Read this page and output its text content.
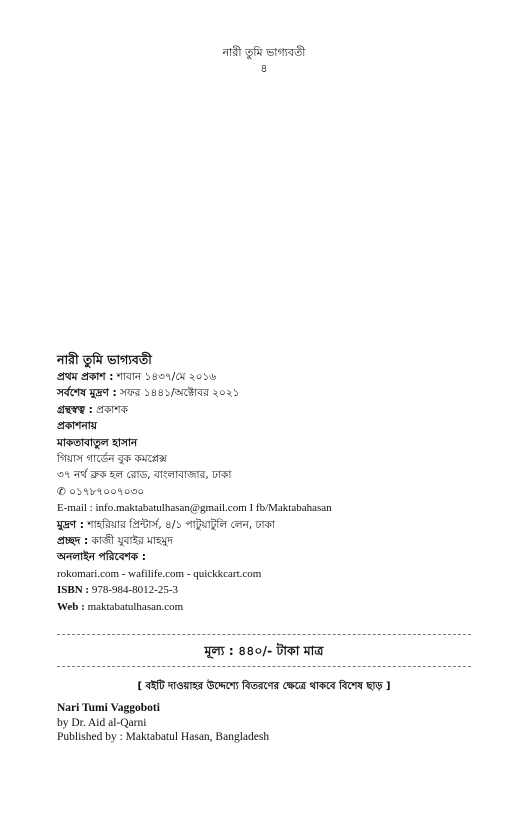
নারী তুমি ভাগ্যবতী
৪
নারী তুমি ভাগ্যবতী
প্রথম প্রকাশ : শাবান ১৪৩৭/মে ২০১৬
সর্বশেষ মুদ্রণ : সফর ১৪৪১/অক্টোবর ২০২১
গ্রন্থস্বত্ব : প্রকাশক
প্রকাশনায়
মাকতাবাতুল হাসান
গিয়াস গার্ডেন বুক কমপ্লেক্স
৩৭ নর্থ ব্রুক হল রোড, বাংলাবাজার, ঢাকা
✆ ০১৭৮৭০০৭০৩০
E-mail : info.maktabatulhasan@gmail.com I fb/Maktabahasan
মুদ্রণ : শাহরিয়ার প্রিন্টার্স, ৪/১ পাটুয়াটুলি লেন, ঢাকা
প্রচ্ছদ : কাজী যুবাইর মাহমুদ
অনলাইন পরিবেশক :
rokomari.com - wafilife.com - quickkcart.com
ISBN : 978-984-8012-25-3
Web : maktabatulhasan.com
মূল্য : ৪৪০/- টাকা মাত্র
[ বইটি দাওয়াহর উদ্দেশ্যে বিতরণের ক্ষেত্রে থাকবে বিশেষ ছাড় ]
Nari Tumi Vaggoboti
by Dr. Aid al-Qarni
Published by : Maktabatul Hasan, Bangladesh
